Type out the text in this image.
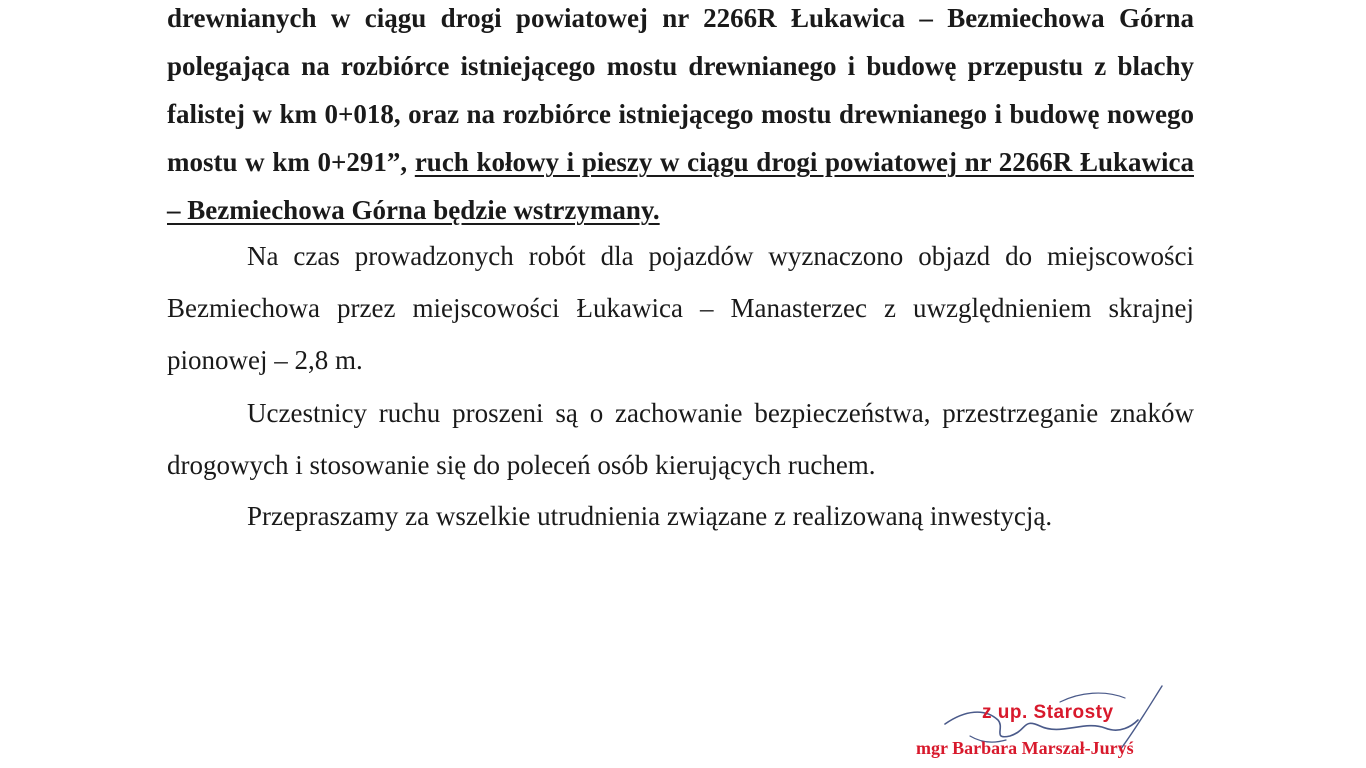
drewnianych w ciągu drogi powiatowej nr 2266R Łukawica – Bezmiechowa Górna polegająca na rozbiórce istniejącego mostu drewnianego i budowę przepustu z blachy falistej w km 0+018, oraz na rozbiórce istniejącego mostu drewnianego i budowę nowego mostu w km 0+291”, ruch kołowy i pieszy w ciągu drogi powiatowej nr 2266R Łukawica – Bezmiechowa Górna będzie wstrzymany.

Na czas prowadzonych robót dla pojazdów wyznaczono objazd do miejscowości Bezmiechowa przez miejscowości Łukawica – Manasterzec z uwzględnieniem skrajnej pionowej – 2,8 m.

Uczestnicy ruchu proszeni są o zachowanie bezpieczeństwa, przestrzeganie znaków drogowych i stosowanie się do poleceń osób kierujących ruchem.

Przepraszamy za wszelkie utrudnienia związane z realizowaną inwestycją.

z up. Starosty
mgr Barbara Marszał-Juryś
